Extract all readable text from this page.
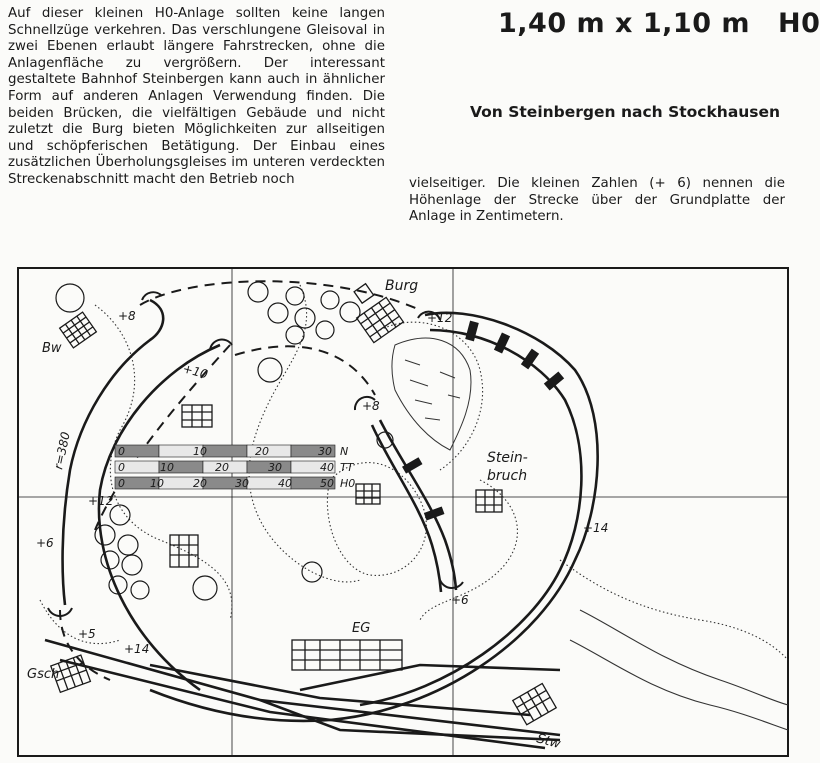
Auf dieser kleinen H0-Anlage sollten keine langen Schnellzüge verkehren. Das verschlungene Gleisoval in zwei Ebenen erlaubt längere Fahrstrecken, ohne die Anlagenfläche zu vergrößern. Der interessant gestaltete Bahnhof Steinbergen kann auch in ähnlicher Form auf anderen Anlagen Verwendung finden. Die beiden Brücken, die vielfältigen Gebäude und nicht zuletzt die Burg bieten Möglichkeiten zur allseitigen und schöpferischen Betätigung. Der Einbau eines zusätzlichen Überholungsgleises im unteren verdeckten Streckenabschnitt macht den Betrieb noch

1,40 m x 1,10 m H0
Von Steinbergen nach Stockhausen

vielseitiger. Die kleinen Zahlen (+ 6) nennen die Höhenlage der Strecke über der Grundplatte der Anlage in Zentimetern.

0	10	20	30 N
0	10	20	30	40 TT
0 10	20	30	40	50 H0
Burg
Bw
r=380	Stein-
bruch
EG
Gsch
Stw
+8
+10
+12
+8
+12
+6
+14
+6
+5
+14
